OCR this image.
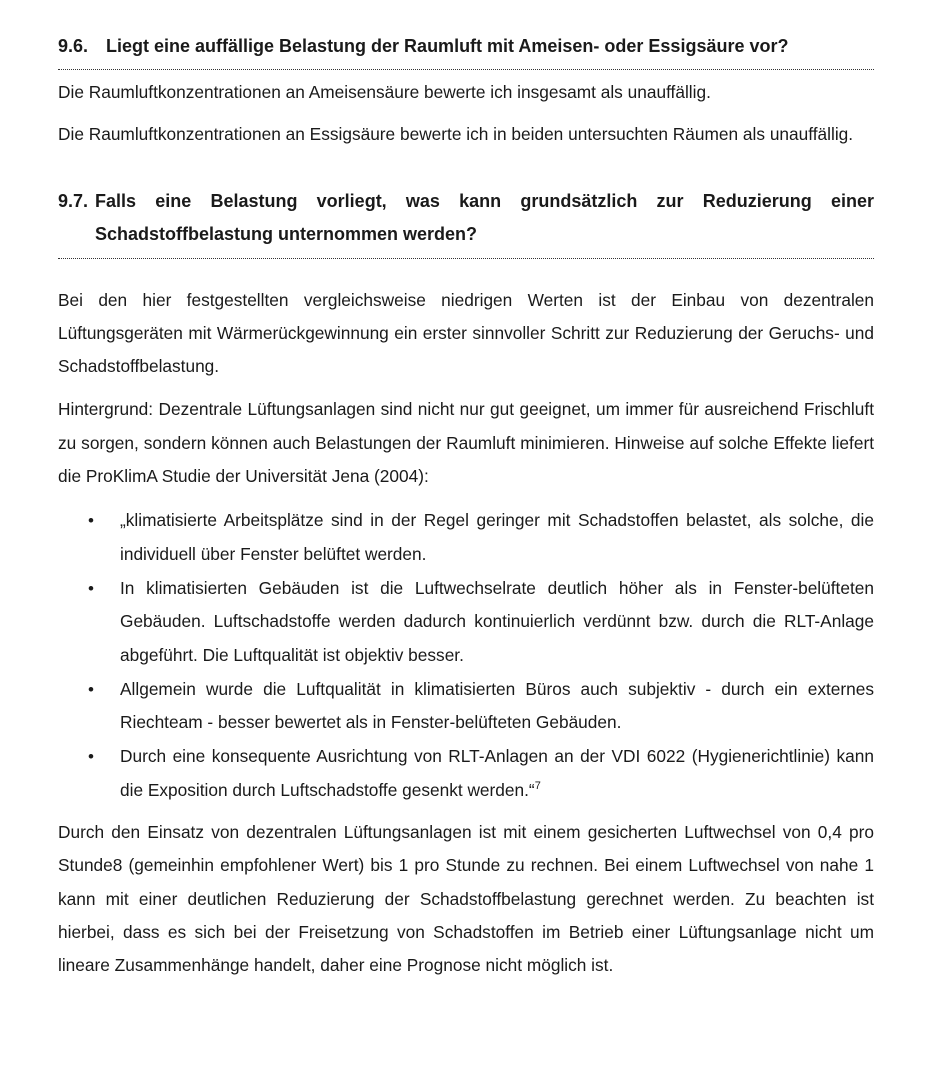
9.6. Liegt eine auffällige Belastung der Raumluft mit Ameisen- oder Essigsäure vor?

Die Raumluftkonzentrationen an Ameisensäure bewerte ich insgesamt als unauffällig.

Die Raumluftkonzentrationen an Essigsäure bewerte ich in beiden untersuchten Räumen als unauffällig.

9.7. Falls eine Belastung vorliegt, was kann grundsätzlich zur Reduzierung einer Schadstoffbelastung unternommen werden?

Bei den hier festgestellten vergleichsweise niedrigen Werten ist der Einbau von dezentralen Lüftungsgeräten mit Wärmerückgewinnung ein erster sinnvoller Schritt zur Reduzierung der Geruchs- und Schadstoffbelastung.

Hintergrund: Dezentrale Lüftungsanlagen sind nicht nur gut geeignet, um immer für ausreichend Frischluft zu sorgen, sondern können auch Belastungen der Raumluft minimieren. Hinweise auf solche Effekte liefert die ProKlimA Studie der Universität Jena (2004):

• „klimatisierte Arbeitsplätze sind in der Regel geringer mit Schadstoffen belastet, als solche, die individuell über Fenster belüftet werden.
• In klimatisierten Gebäuden ist die Luftwechselrate deutlich höher als in Fenster-belüfteten Gebäuden. Luftschadstoffe werden dadurch kontinuierlich verdünnt bzw. durch die RLT-Anlage abgeführt. Die Luftqualität ist objektiv besser.
• Allgemein wurde die Luftqualität in klimatisierten Büros auch subjektiv - durch ein externes Riechteam - besser bewertet als in Fenster-belüfteten Gebäuden.
• Durch eine konsequente Ausrichtung von RLT-Anlagen an der VDI 6022 (Hygienerichtlinie) kann die Exposition durch Luftschadstoffe gesenkt werden.“$^7$

Durch den Einsatz von dezentralen Lüftungsanlagen ist mit einem gesicherten Luftwechsel von 0,4 pro Stunde8 (gemeinhin empfohlener Wert) bis 1 pro Stunde zu rechnen. Bei einem Luftwechsel von nahe 1 kann mit einer deutlichen Reduzierung der Schadstoffbelastung gerechnet werden. Zu beachten ist hierbei, dass es sich bei der Freisetzung von Schadstoffen im Betrieb einer Lüftungsanlage nicht um lineare Zusammenhänge handelt, daher eine Prognose nicht möglich ist.
